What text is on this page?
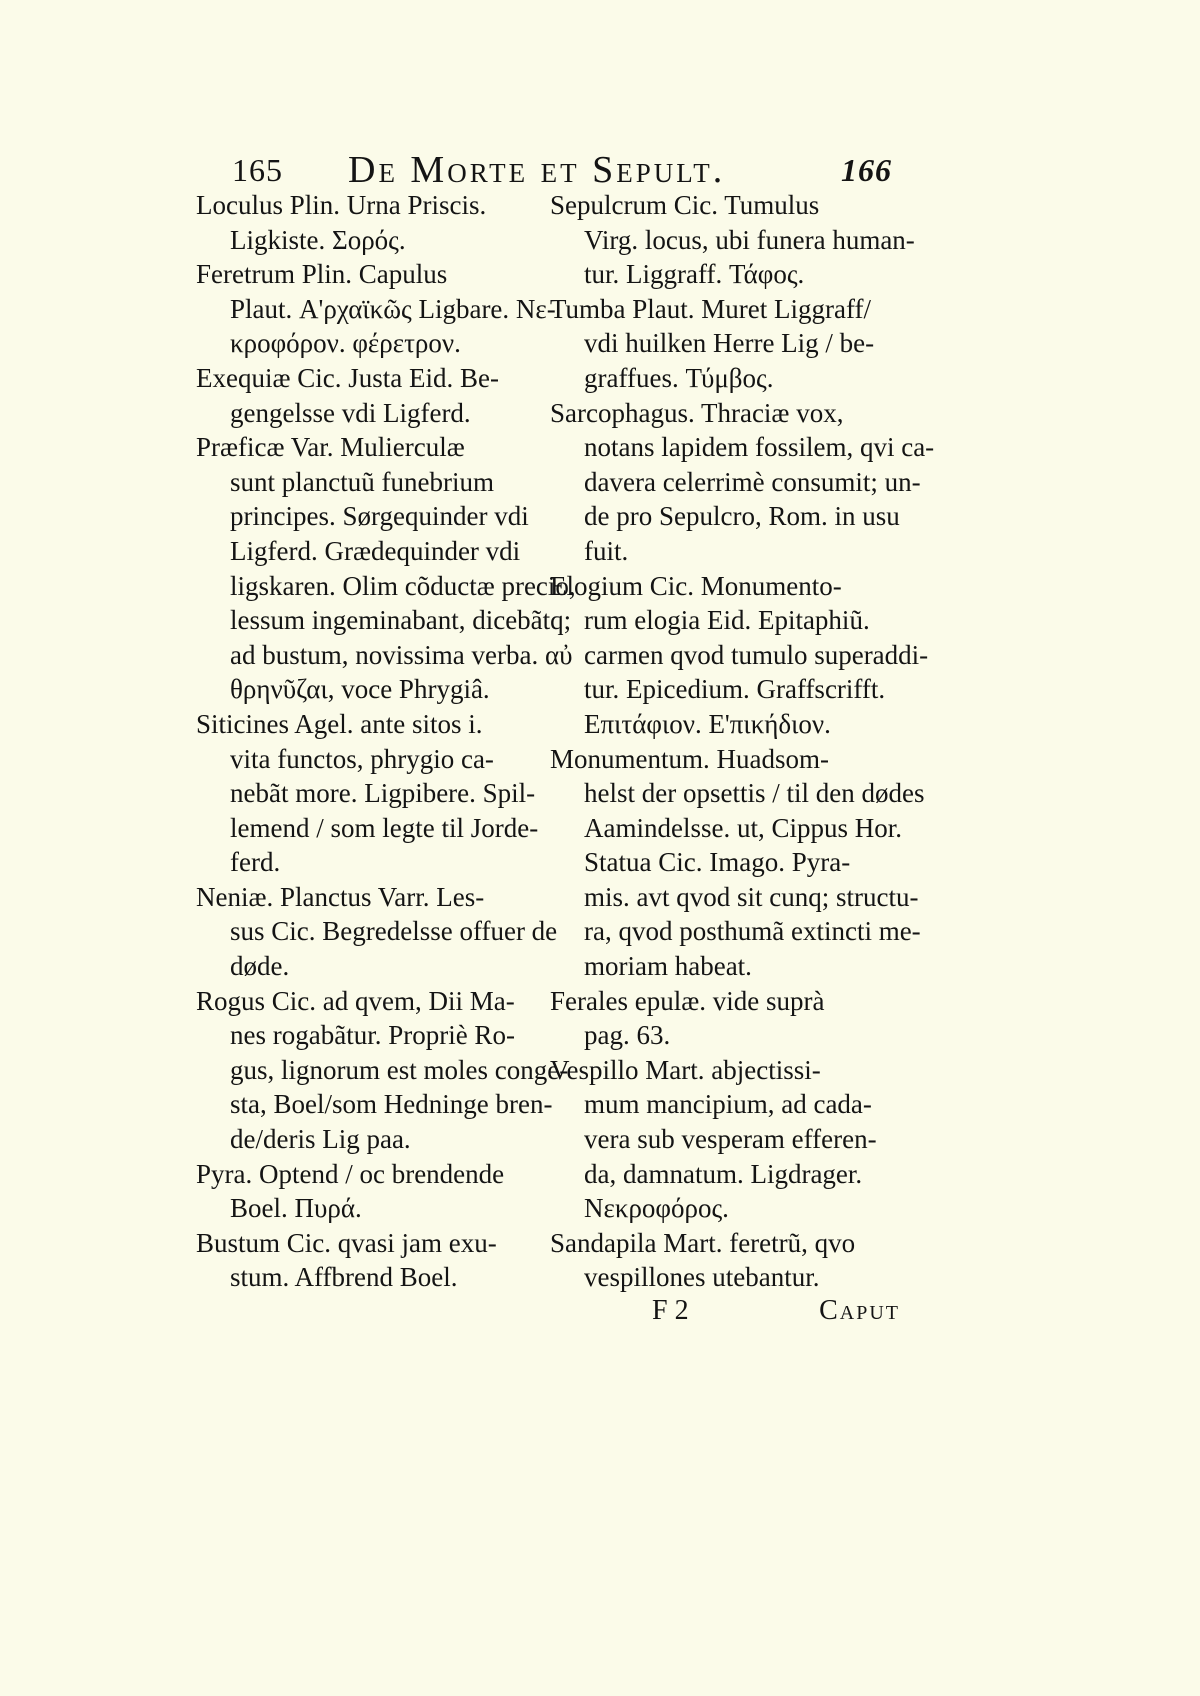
165 De Morte et Sepult.	166
Loculus Plin. Urna Priscis.
Ligkiste. Σορός.
Feretrum Plin. Capulus
Plaut. Α'ρχαϊκῶς Ligbare. Νε-
κροφόρον. φέρετρον.
Exequiæ Cic. Justa Eid. Be-
gengelsse vdi Ligferd.
Præficæ Var. Mulierculæ
sunt planctuũ funebrium
principes. Sørgequinder vdi
Ligferd. Grædequinder vdi
ligskaren. Olim cõductæ precio,
lessum ingeminabant, dicebãtq;
ad bustum, novissima verba. αὐ
θρηνῦζαι, voce Phrygiâ.
Siticines Agel. ante sitos i.
vita functos, phrygio ca-
nebãt more. Ligpibere. Spil-
lemend / som legte til Jorde-
ferd.
Neniæ. Planctus Varr. Les-
sus Cic. Begredelsse offuer de
døde.
Rogus Cic. ad qvem, Dii Ma-
nes rogabãtur. Propriè Ro-
gus, lignorum est moles conge-
sta, Boel/som Hedninge bren-
de/deris Lig paa.
Pyra. Optend / oc brendende
Boel. Πυρά.
Bustum Cic. qvasi jam exu-
stum. Affbrend Boel.
Sepulcrum Cic. Tumulus
Virg. locus, ubi funera human-
tur. Liggraff. Τάφος.
Tumba Plaut. Muret Liggraff/
vdi huilken Herre Lig / be-
graffues. Τύμβος.
Sarcophagus. Thraciæ vox,
notans lapidem fossilem, qvi ca-
davera celerrimè consumit; un-
de pro Sepulcro, Rom. in usu
fuit.
Elogium Cic. Monumento-
rum elogia Eid. Epitaphiũ.
carmen qvod tumulo superaddi-
tur. Epicedium. Graffscrifft.
Επιτάφιον. Ε'πικήδιον.
Monumentum. Huadsom-
helst der opsettis / til den dødes
Aamindelsse. ut, Cippus Hor.
Statua Cic. Imago. Pyra-
mis. avt qvod sit cunq; structu-
ra, qvod posthumã extincti me-
moriam habeat.
Ferales epulæ. vide suprà
pag. 63.
Vespillo Mart. abjectissi-
mum mancipium, ad cada-
vera sub vesperam efferen-
da, damnatum. Ligdrager.
Νεκροφόρος.
Sandapila Mart. feretrũ, qvo
vespillones utebantur.
F 2	Caput
